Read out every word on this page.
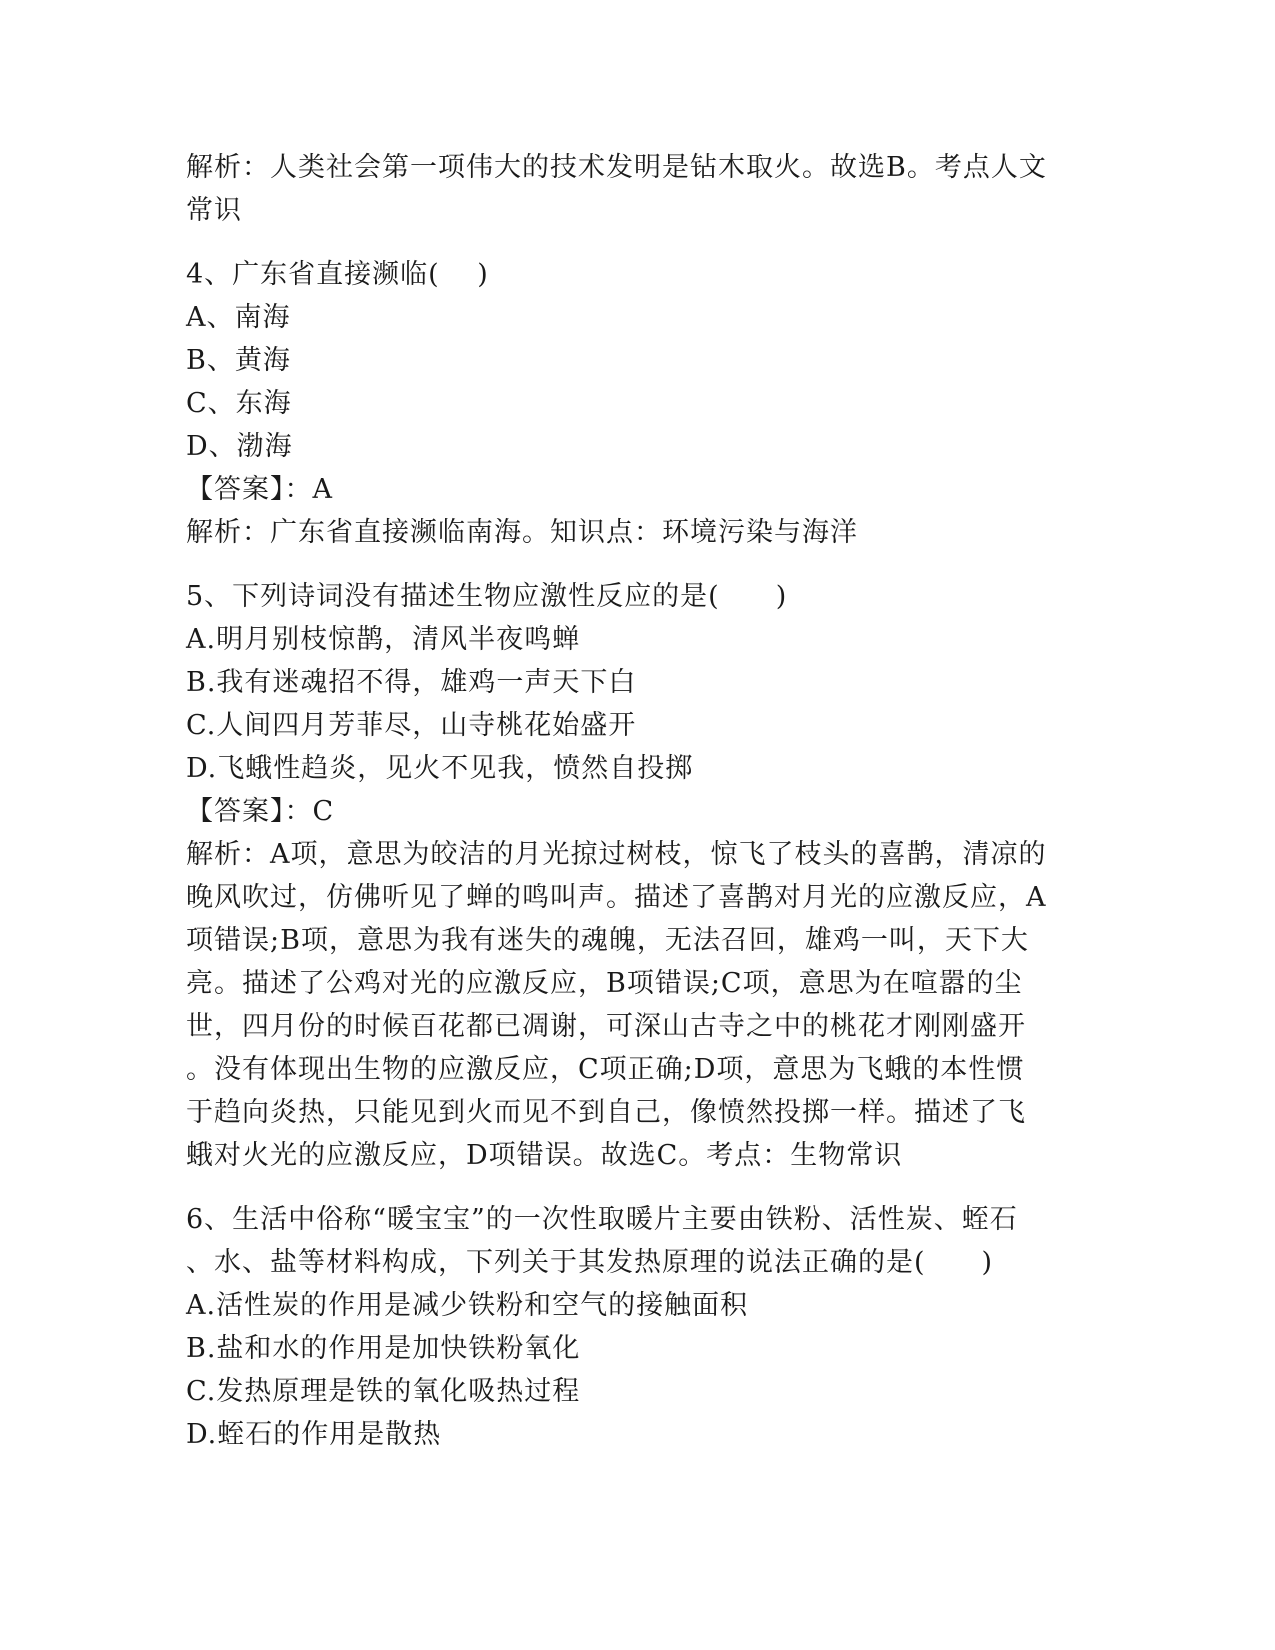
解析：人类社会第一项伟大的技术发明是钻木取火。故选B。考点人文
常识
4、广东省直接濒临(　 )
A、南海
B、黄海
C、东海
D、渤海
【答案】：A
解析：广东省直接濒临南海。知识点：环境污染与海洋
5、下列诗词没有描述生物应激性反应的是(　　)
A.明月别枝惊鹊，清风半夜鸣蝉
B.我有迷魂招不得，雄鸡一声天下白
C.人间四月芳菲尽，山寺桃花始盛开
D.飞蛾性趋炎，见火不见我，愤然自投掷
【答案】：C
解析：A项，意思为皎洁的月光掠过树枝，惊飞了枝头的喜鹊，清凉的
晚风吹过，仿佛听见了蝉的鸣叫声。描述了喜鹊对月光的应激反应，A
项错误;B项，意思为我有迷失的魂魄，无法召回，雄鸡一叫，天下大
亮。描述了公鸡对光的应激反应，B项错误;C项，意思为在喧嚣的尘
世，四月份的时候百花都已凋谢，可深山古寺之中的桃花才刚刚盛开
。没有体现出生物的应激反应，C项正确;D项，意思为飞蛾的本性惯
于趋向炎热，只能见到火而见不到自己，像愤然投掷一样。描述了飞
蛾对火光的应激反应，D项错误。故选C。考点：生物常识
6、生活中俗称“暖宝宝”的一次性取暖片主要由铁粉、活性炭、蛭石
、水、盐等材料构成，下列关于其发热原理的说法正确的是(　　)
A.活性炭的作用是减少铁粉和空气的接触面积
B.盐和水的作用是加快铁粉氧化
C.发热原理是铁的氧化吸热过程
D.蛭石的作用是散热
